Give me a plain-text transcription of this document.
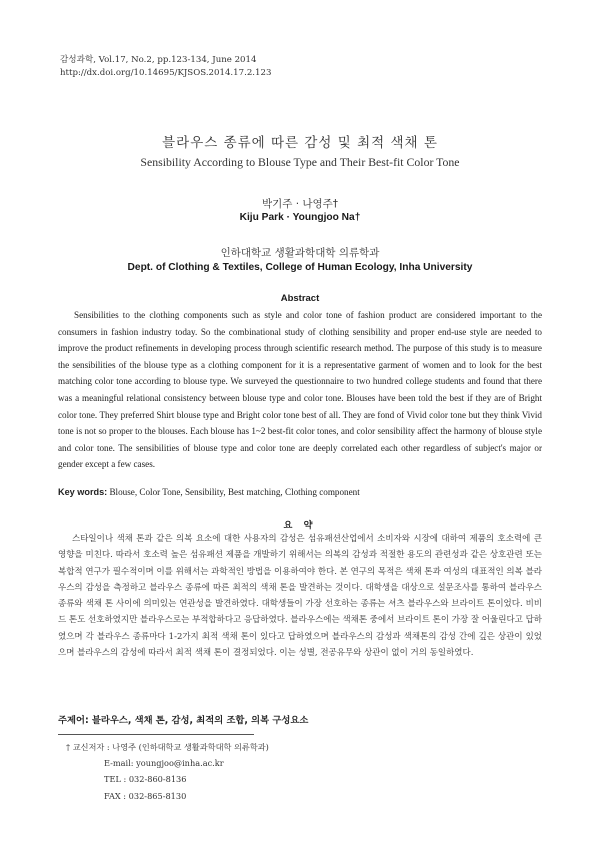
감성과학, Vol.17, No.2, pp.123-134, June 2014
http://dx.doi.org/10.14695/KJSOS.2014.17.2.123
블라우스 종류에 따른 감성 및 최적 색채 톤
Sensibility According to Blouse Type and Their Best-fit Color Tone
박기주 · 나영주†
Kiju Park · Youngjoo Na†
인하대학교 생활과학대학 의류학과
Dept. of Clothing & Textiles, College of Human Ecology, Inha University
Abstract
Sensibilities to the clothing components such as style and color tone of fashion product are considered important to the consumers in fashion industry today. So the combinational study of clothing sensibility and proper end-use style are needed to improve the product refinements in developing process through scientific research method. The purpose of this study is to measure the sensibilities of the blouse type as a clothing component for it is a representative garment of women and to look for the best matching color tone according to blouse type. We surveyed the questionnaire to two hundred college students and found that there was a meaningful relational consistency between blouse type and color tone. Blouses have been told the best if they are of Bright color tone. They preferred Shirt blouse type and Bright color tone best of all. They are fond of Vivid color tone but they think Vivid tone is not so proper to the blouses. Each blouse has 1~2 best-fit color tones, and color sensibility affect the harmony of blouse style and color tone. The sensibilities of blouse type and color tone are deeply correlated each other regardless of subject's major or gender except a few cases.
Key words: Blouse, Color Tone, Sensibility, Best matching, Clothing component
요 약
스타일이나 색채 톤과 같은 의복 요소에 대한 사용자의 감성은 섬유패션산업에서 소비자와 시장에 대하여 제품의 호소력에 큰 영향을 미친다. 따라서 호소력 높은 섬유패션 제품을 개발하기 위해서는 의복의 감성과 적절한 용도의 관련성과 같은 상호관련 또는 복합적 연구가 필수적이며 이를 위해서는 과학적인 방법을 이용하여야 한다. 본 연구의 목적은 색채 톤과 여성의 대표적인 의복 블라우스의 감성을 측정하고 블라우스 종류에 따른 최적의 색채 톤을 발견하는 것이다. 대학생을 대상으로 설문조사를 통하여 블라우스 종류와 색채 톤 사이에 의미있는 연관성을 발견하였다. 대학생들이 가장 선호하는 종류는 셔츠 블라우스와 브라이트 톤이었다. 비비드 톤도 선호하였지만 블라우스로는 부적합하다고 응답하였다. 블라우스에는 색채톤 중에서 브라이트 톤이 가장 잘 어울린다고 답하였으며 각 블라우스 종류마다 1-2가지 최적 색채 톤이 있다고 답하였으며 블라우스의 감성과 색채톤의 감성 간에 깊은 상관이 있었으며 블라우스의 감성에 따라서 최적 색채 톤이 결정되었다. 이는 성별, 전공유무와 상관이 없이 거의 동일하였다.
주제어: 블라우스, 색채 톤, 감성, 최적의 조합, 의복 구성요소
† 교신저자 : 나영주 (인하대학교 생활과학대학 의류학과)
E-mail: youngjoo@inha.ac.kr
TEL : 032-860-8136
FAX : 032-865-8130
